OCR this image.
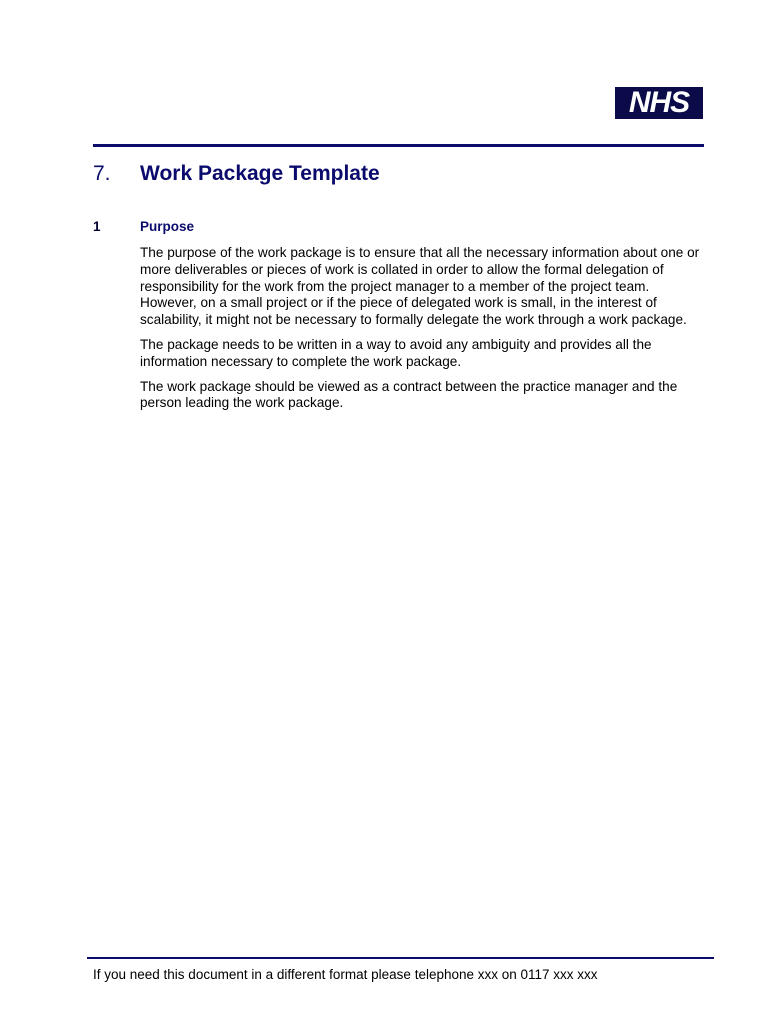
NHS
7. Work Package Template
1	Purpose

The purpose of the work package is to ensure that all the necessary information about one or more deliverables or pieces of work is collated in order to allow the formal delegation of responsibility for the work from the project manager to a member of the project team. However, on a small project or if the piece of delegated work is small, in the interest of scalability, it might not be necessary to formally delegate the work through a work package.

The package needs to be written in a way to avoid any ambiguity and provides all the information necessary to complete the work package.

The work package should be viewed as a contract between the practice manager and the person leading the work package.

If you need this document in a different format please telephone xxx on 0117 xxx xxx
